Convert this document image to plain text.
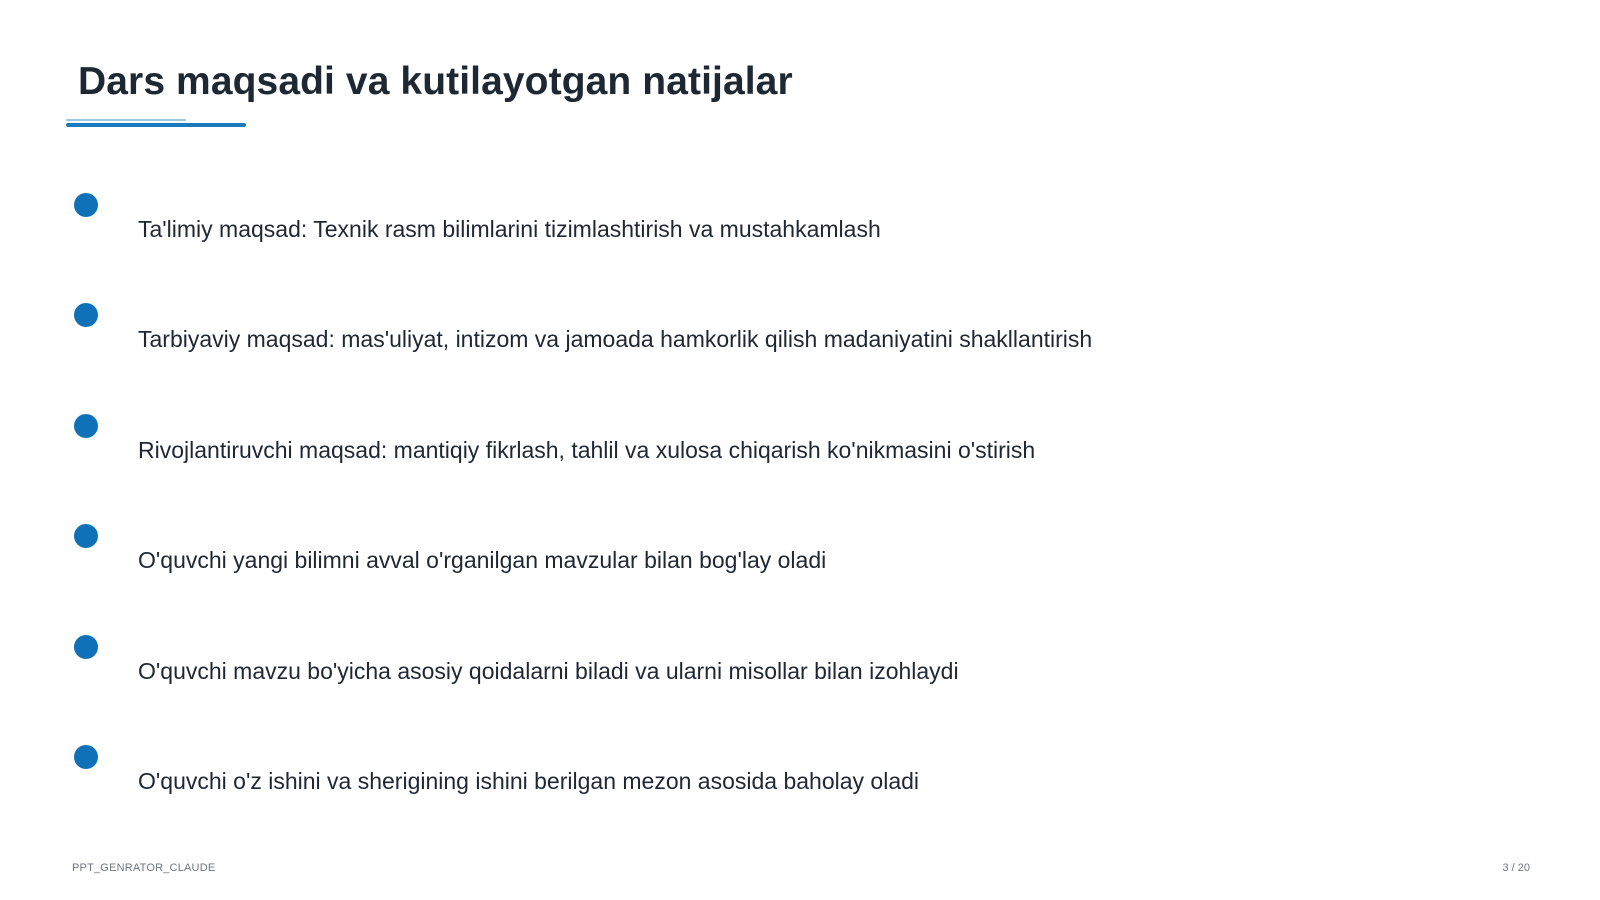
Dars maqsadi va kutilayotgan natijalar
Ta'limiy maqsad: Texnik rasm bilimlarini tizimlashtirish va mustahkamlash
Tarbiyaviy maqsad: mas'uliyat, intizom va jamoada hamkorlik qilish madaniyatini shakllantirish
Rivojlantiruvchi maqsad: mantiqiy fikrlash, tahlil va xulosa chiqarish ko'nikmasini o'stirish
O'quvchi yangi bilimni avval o'rganilgan mavzular bilan bog'lay oladi
O'quvchi mavzu bo'yicha asosiy qoidalarni biladi va ularni misollar bilan izohlaydi
O'quvchi o'z ishini va sherigining ishini berilgan mezon asosida baholay oladi
PPT_GENRATOR_CLAUDE	3 / 20
